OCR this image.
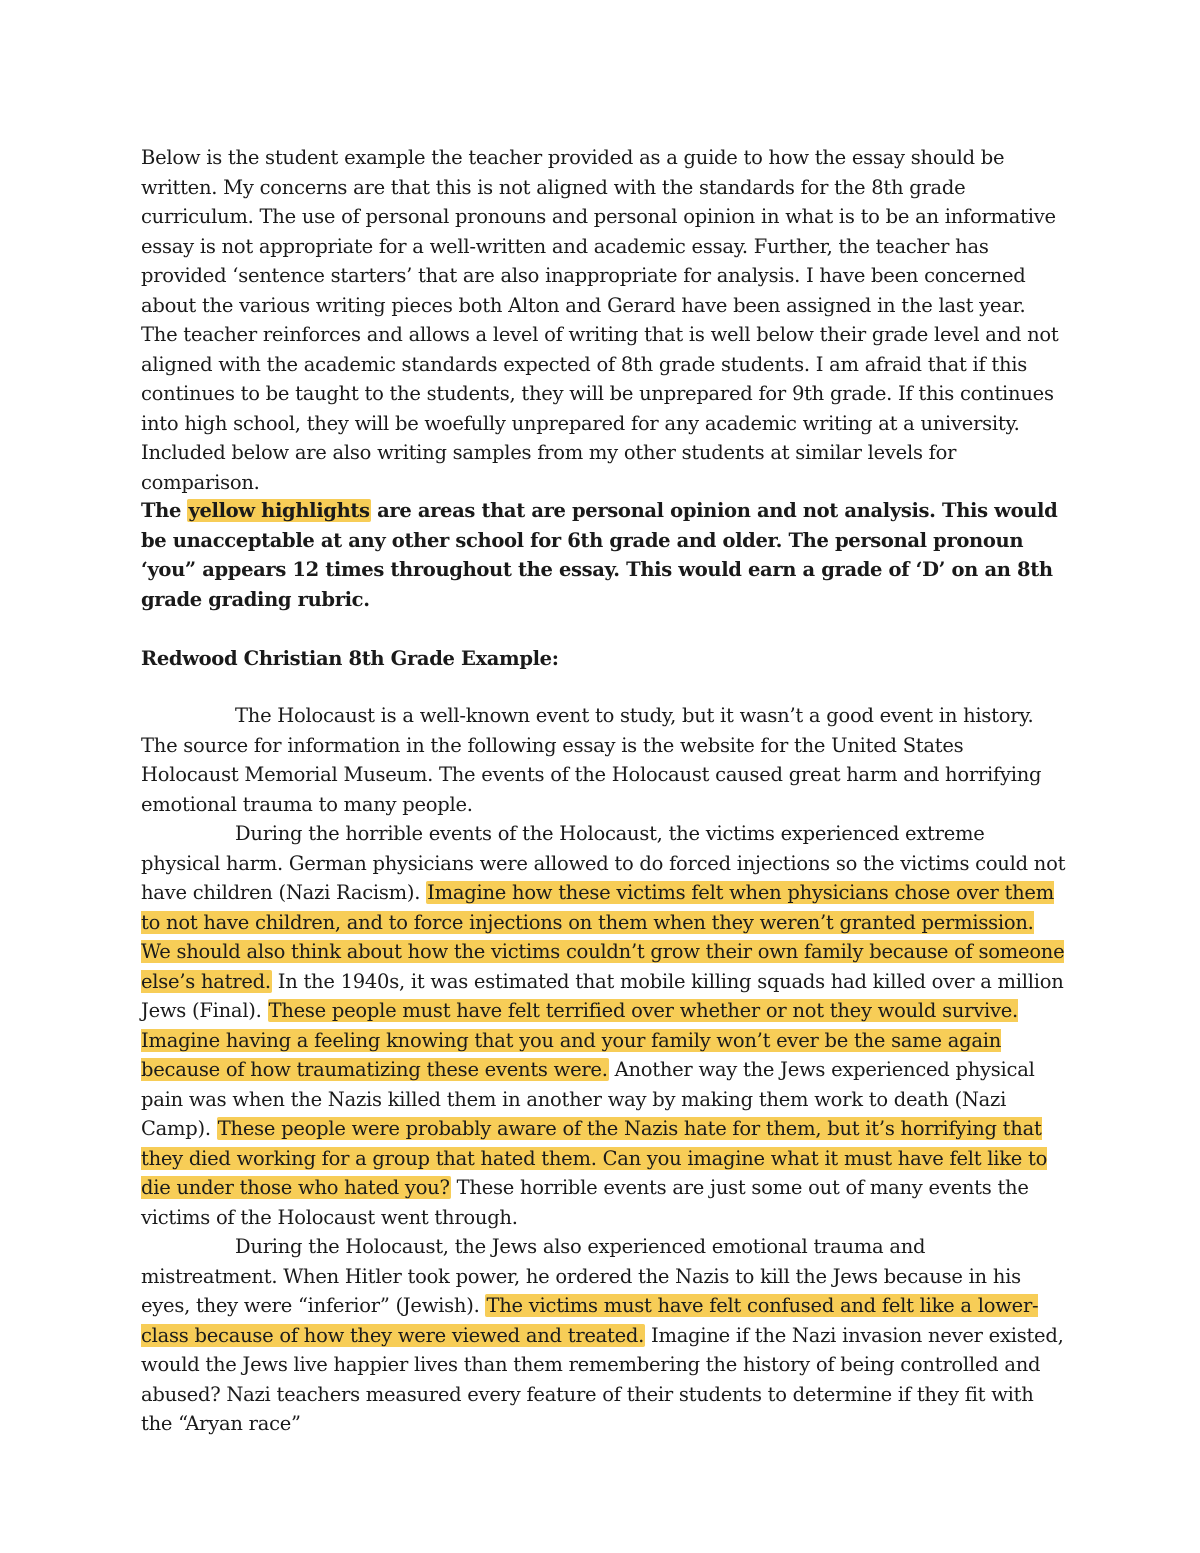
Below is the student example the teacher provided as a guide to how the essay should be written. My concerns are that this is not aligned with the standards for the 8th grade curriculum. The use of personal pronouns and personal opinion in what is to be an informative essay is not appropriate for a well-written and academic essay. Further, the teacher has provided ‘sentence starters’ that are also inappropriate for analysis. I have been concerned about the various writing pieces both Alton and Gerard have been assigned in the last year. The teacher reinforces and allows a level of writing that is well below their grade level and not aligned with the academic standards expected of 8th grade students. I am afraid that if this continues to be taught to the students, they will be unprepared for 9th grade. If this continues into high school, they will be woefully unprepared for any academic writing at a university. Included below are also writing samples from my other students at similar levels for comparison.

The yellow highlights are areas that are personal opinion and not analysis. This would be unacceptable at any other school for 6th grade and older. The personal pronoun ‘you” appears 12 times throughout the essay. This would earn a grade of ‘D’ on an 8th grade grading rubric.

Redwood Christian 8th Grade Example:

The Holocaust is a well-known event to study, but it wasn’t a good event in history. The source for information in the following essay is the website for the United States Holocaust Memorial Museum. The events of the Holocaust caused great harm and horrifying emotional trauma to many people.

During the horrible events of the Holocaust, the victims experienced extreme physical harm. German physicians were allowed to do forced injections so the victims could not have children (Nazi Racism). Imagine how these victims felt when physicians chose over them to not have children, and to force injections on them when they weren’t granted permission. We should also think about how the victims couldn’t grow their own family because of someone else’s hatred. In the 1940s, it was estimated that mobile killing squads had killed over a million Jews (Final). These people must have felt terrified over whether or not they would survive. Imagine having a feeling knowing that you and your family won’t ever be the same again because of how traumatizing these events were. Another way the Jews experienced physical pain was when the Nazis killed them in another way by making them work to death (Nazi Camp). These people were probably aware of the Nazis hate for them, but it’s horrifying that they died working for a group that hated them. Can you imagine what it must have felt like to die under those who hated you? These horrible events are just some out of many events the victims of the Holocaust went through.

During the Holocaust, the Jews also experienced emotional trauma and mistreatment. When Hitler took power, he ordered the Nazis to kill the Jews because in his eyes, they were “inferior” (Jewish). The victims must have felt confused and felt like a lower-class because of how they were viewed and treated. Imagine if the Nazi invasion never existed, would the Jews live happier lives than them remembering the history of being controlled and abused? Nazi teachers measured every feature of their students to determine if they fit with the “Aryan race”
